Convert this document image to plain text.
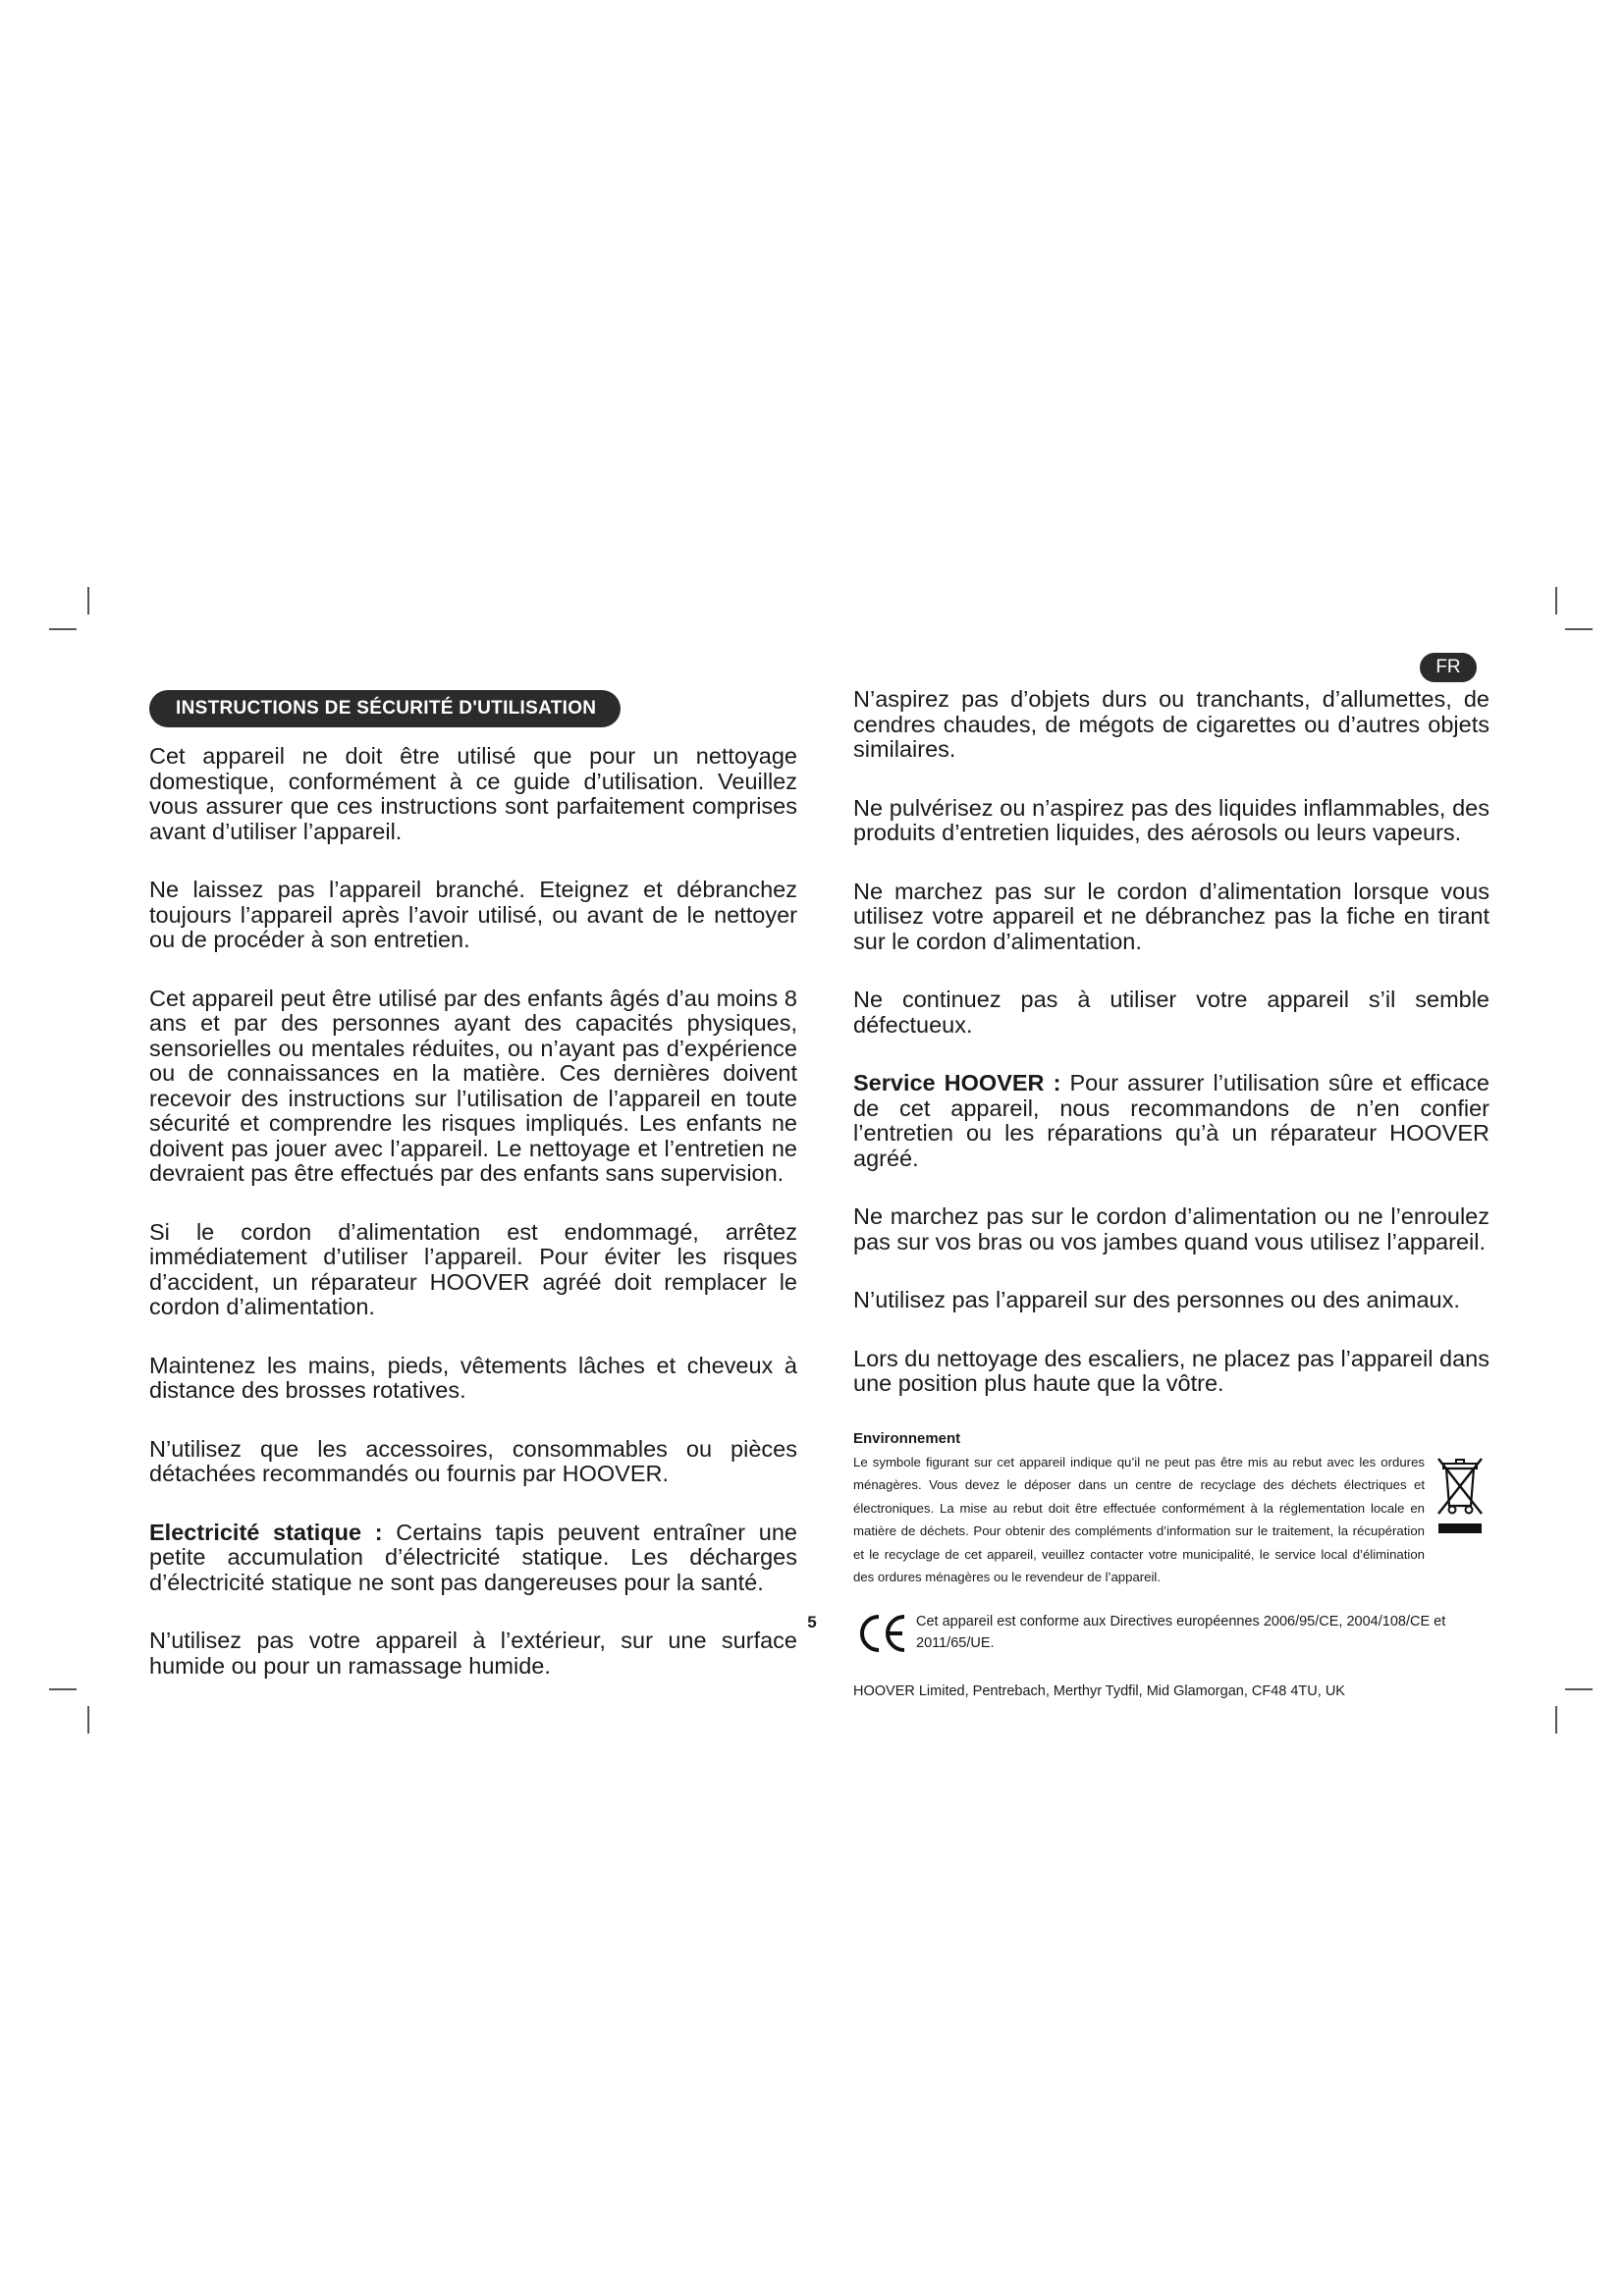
INSTRUCTIONS DE SÉCURITÉ D'UTILISATION
FR

Cet appareil ne doit être utilisé que pour un nettoyage domestique, conformément à ce guide d’utilisation. Veuillez vous assurer que ces instructions sont parfaitement comprises avant d’utiliser l’appareil.

Ne laissez pas l’appareil branché. Eteignez et débranchez toujours l’appareil après l’avoir utilisé, ou avant de le nettoyer ou de procéder à son entretien.

Cet appareil peut être utilisé par des enfants âgés d’au moins 8 ans et par des personnes ayant des capacités physiques, sensorielles ou mentales réduites, ou n’ayant pas d’expérience ou de connaissances en la matière. Ces dernières doivent recevoir des instructions sur l’utilisation de l’appareil en toute sécurité et comprendre les risques impliqués. Les enfants ne doivent pas jouer avec l’appareil. Le nettoyage et l’entretien ne devraient pas être effectués par des enfants sans supervision.

Si le cordon d’alimentation est endommagé, arrêtez immédiatement d’utiliser l’appareil. Pour éviter les risques d’accident, un réparateur HOOVER agréé doit remplacer le cordon d’alimentation.

Maintenez les mains, pieds, vêtements lâches et cheveux à distance des brosses rotatives.

N’utilisez que les accessoires, consommables ou pièces détachées recommandés ou fournis par HOOVER.

Electricité statique : Certains tapis peuvent entraîner une petite accumulation d’électricité statique. Les décharges d’électricité statique ne sont pas dangereuses pour la santé.

N’utilisez pas votre appareil à l’extérieur, sur une surface humide ou pour un ramassage humide.

N’aspirez pas d’objets durs ou tranchants, d’allumettes, de cendres chaudes, de mégots de cigarettes ou d’autres objets similaires.

Ne pulvérisez ou n’aspirez pas des liquides inflammables, des produits d’entretien liquides, des aérosols ou leurs vapeurs.

Ne marchez pas sur le cordon d’alimentation lorsque vous utilisez votre appareil et ne débranchez pas la fiche en tirant sur le cordon d’alimentation.

Ne continuez pas à utiliser votre appareil s’il semble défectueux.

Service HOOVER : Pour assurer l’utilisation sûre et efficace de cet appareil, nous recommandons de n’en confier l’entretien ou les réparations qu’à un réparateur HOOVER agréé.

Ne marchez pas sur le cordon d’alimentation ou ne l’enroulez pas sur vos bras ou vos jambes quand vous utilisez l’appareil.

N’utilisez pas l’appareil sur des personnes ou des animaux.

Lors du nettoyage des escaliers, ne placez pas l’appareil dans une position plus haute que la vôtre.

Environnement

Le symbole figurant sur cet appareil indique qu’il ne peut pas être mis au rebut avec les ordures ménagères. Vous devez le déposer dans un centre de recyclage des déchets électriques et électroniques. La mise au rebut doit être effectuée conformément à la réglementation locale en matière de déchets. Pour obtenir des compléments d’information sur le traitement, la récupération et le recyclage de cet appareil, veuillez contacter votre municipalité, le service local d’élimination des ordures ménagères ou le revendeur de l’appareil.

Cet appareil est conforme aux Directives européennes 2006/95/CE, 2004/108/CE et 2011/65/UE.

HOOVER Limited, Pentrebach, Merthyr Tydfil, Mid Glamorgan, CF48 4TU, UK
5
